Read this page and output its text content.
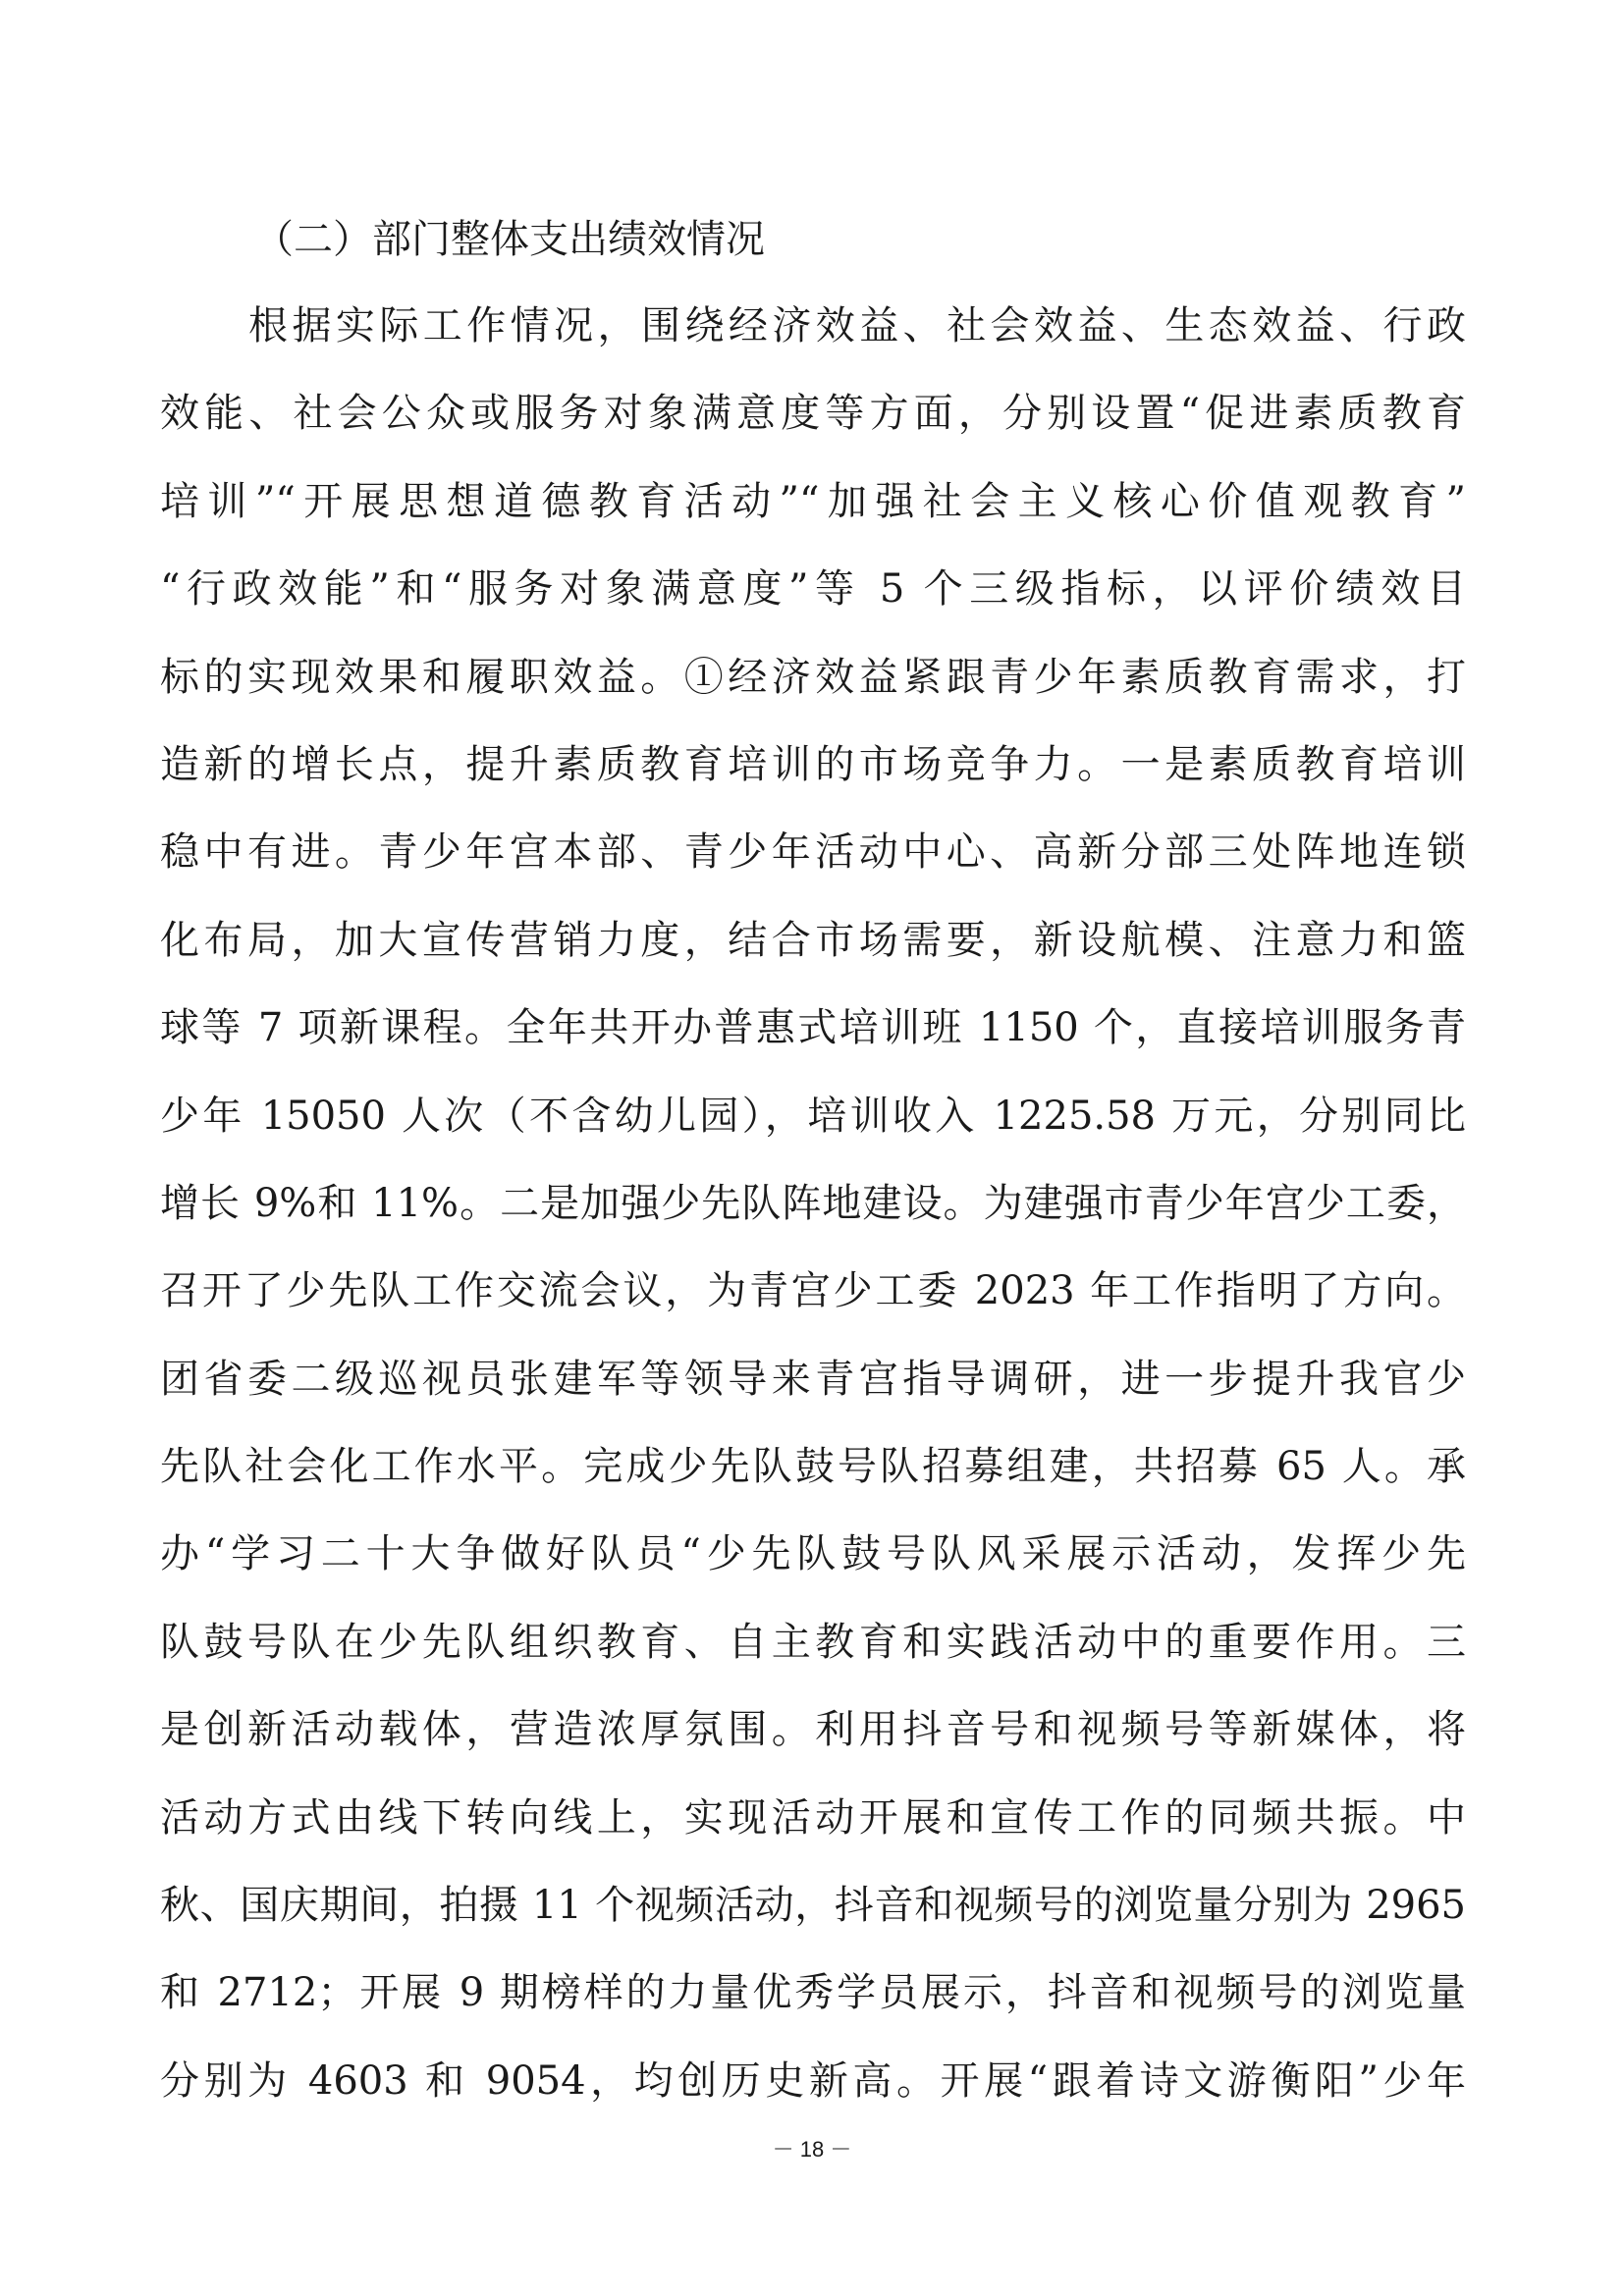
（二）部门整体支出绩效情况
根据实际工作情况，围绕经济效益、社会效益、生态效益、行政
效能、社会公众或服务对象满意度等方面，分别设置“促进素质教育
培训”“开展思想道德教育活动”“加强社会主义核心价值观教育”
“行政效能”和“服务对象满意度”等 5 个三级指标，以评价绩效目
标的实现效果和履职效益。①经济效益紧跟青少年素质教育需求，打
造新的增长点，提升素质教育培训的市场竞争力。一是素质教育培训
稳中有进。青少年宫本部、青少年活动中心、高新分部三处阵地连锁
化布局，加大宣传营销力度，结合市场需要，新设航模、注意力和篮
球等 7 项新课程。全年共开办普惠式培训班 1150 个，直接培训服务青
少年 15050 人次（不含幼儿园），培训收入 1225.58 万元，分别同比
增长 9%和 11%。二是加强少先队阵地建设。为建强市青少年宫少工委，
召开了少先队工作交流会议，为青宫少工委 2023 年工作指明了方向。
团省委二级巡视员张建军等领导来青宫指导调研，进一步提升我官少
先队社会化工作水平。完成少先队鼓号队招募组建，共招募 65 人。承
办“学习二十大争做好队员“少先队鼓号队风采展示活动，发挥少先
队鼓号队在少先队组织教育、自主教育和实践活动中的重要作用。三
是创新活动载体，营造浓厚氛围。利用抖音号和视频号等新媒体，将
活动方式由线下转向线上，实现活动开展和宣传工作的同频共振。中
秋、国庆期间，拍摄 11 个视频活动，抖音和视频号的浏览量分别为 2965
和 2712；开展 9 期榜样的力量优秀学员展示，抖音和视频号的浏览量
分别为 4603 和 9054，均创历史新高。开展“跟着诗文游衡阳”少年
－ 18 －
